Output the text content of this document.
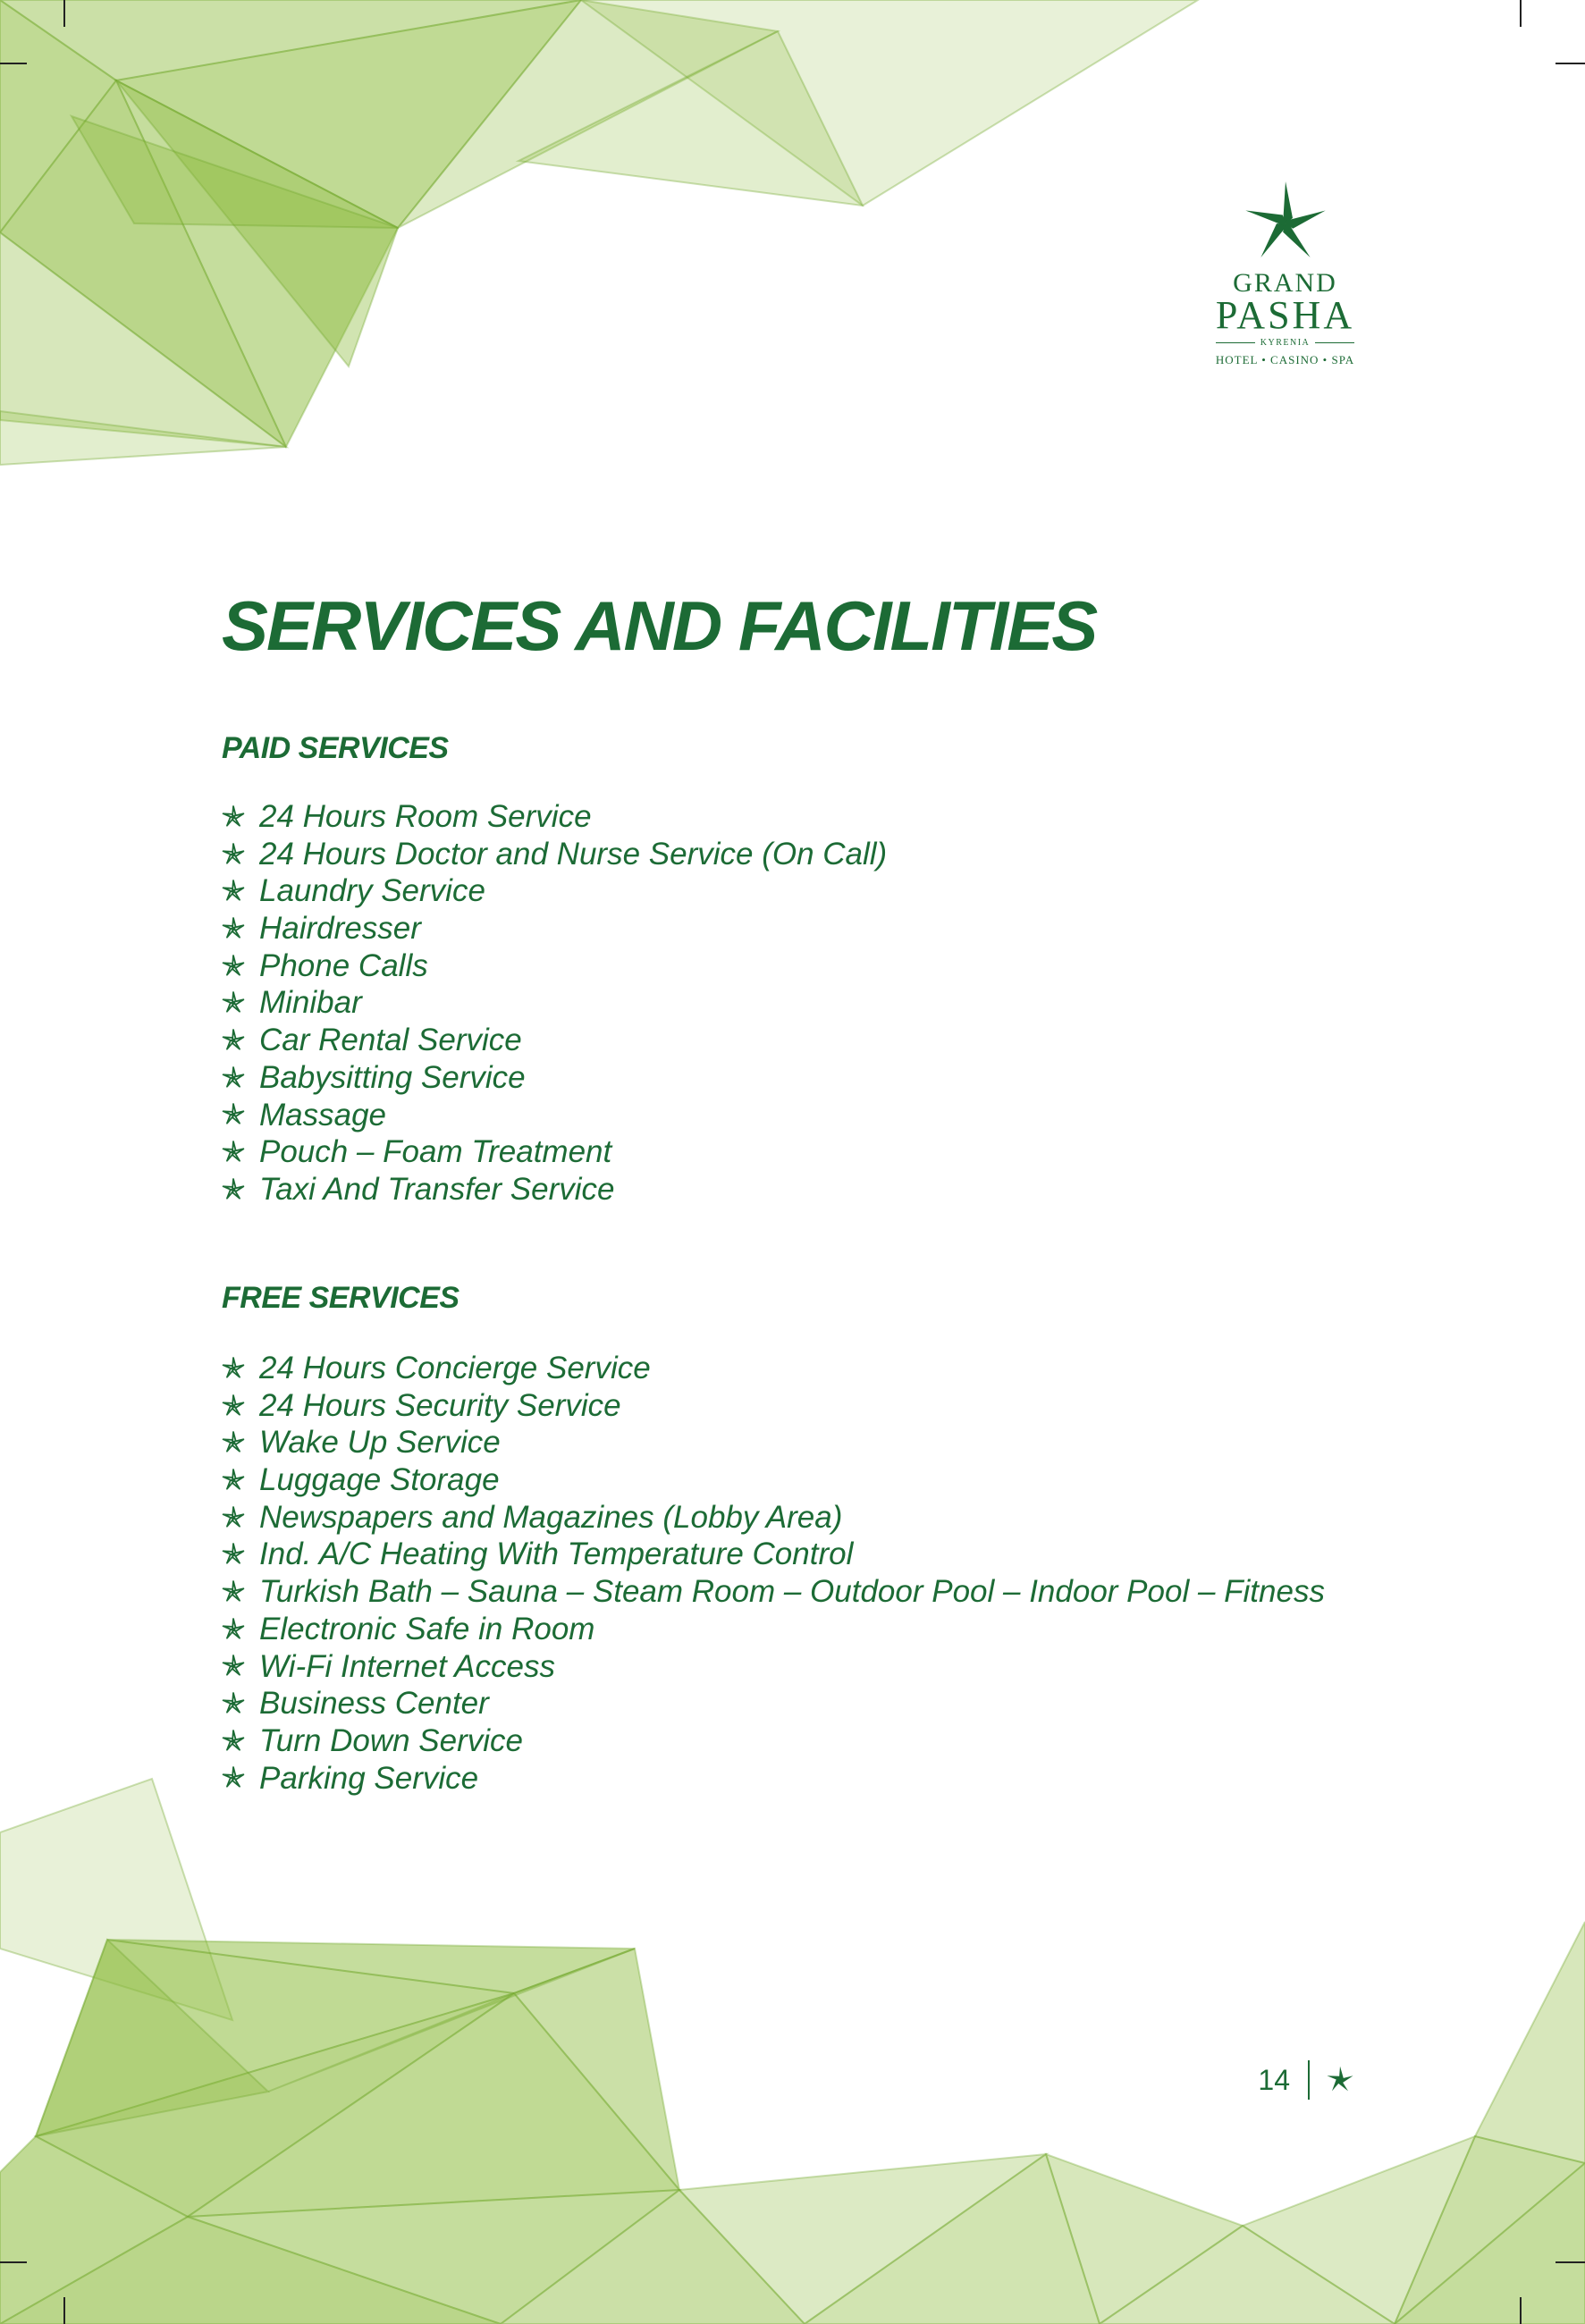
GRAND
PASHA
KYRENIA
HOTEL • CASINO • SPA
SERVICES AND FACILITIES
PAID SERVICES
24 Hours Room Service
24 Hours Doctor and Nurse Service (On Call)
Laundry Service
Hairdresser
Phone Calls
Minibar
Car Rental Service
Babysitting Service
Massage
Pouch – Foam Treatment
Taxi And Transfer Service
FREE SERVICES
24 Hours Concierge Service
24 Hours Security Service
Wake Up Service
Luggage Storage
Newspapers and Magazines (Lobby Area)
Ind. A/C Heating With Temperature Control
Turkish Bath – Sauna – Steam Room – Outdoor Pool – Indoor Pool – Fitness
Electronic Safe in Room
Wi-Fi Internet Access
Business Center
Turn Down Service
Parking Service
14
